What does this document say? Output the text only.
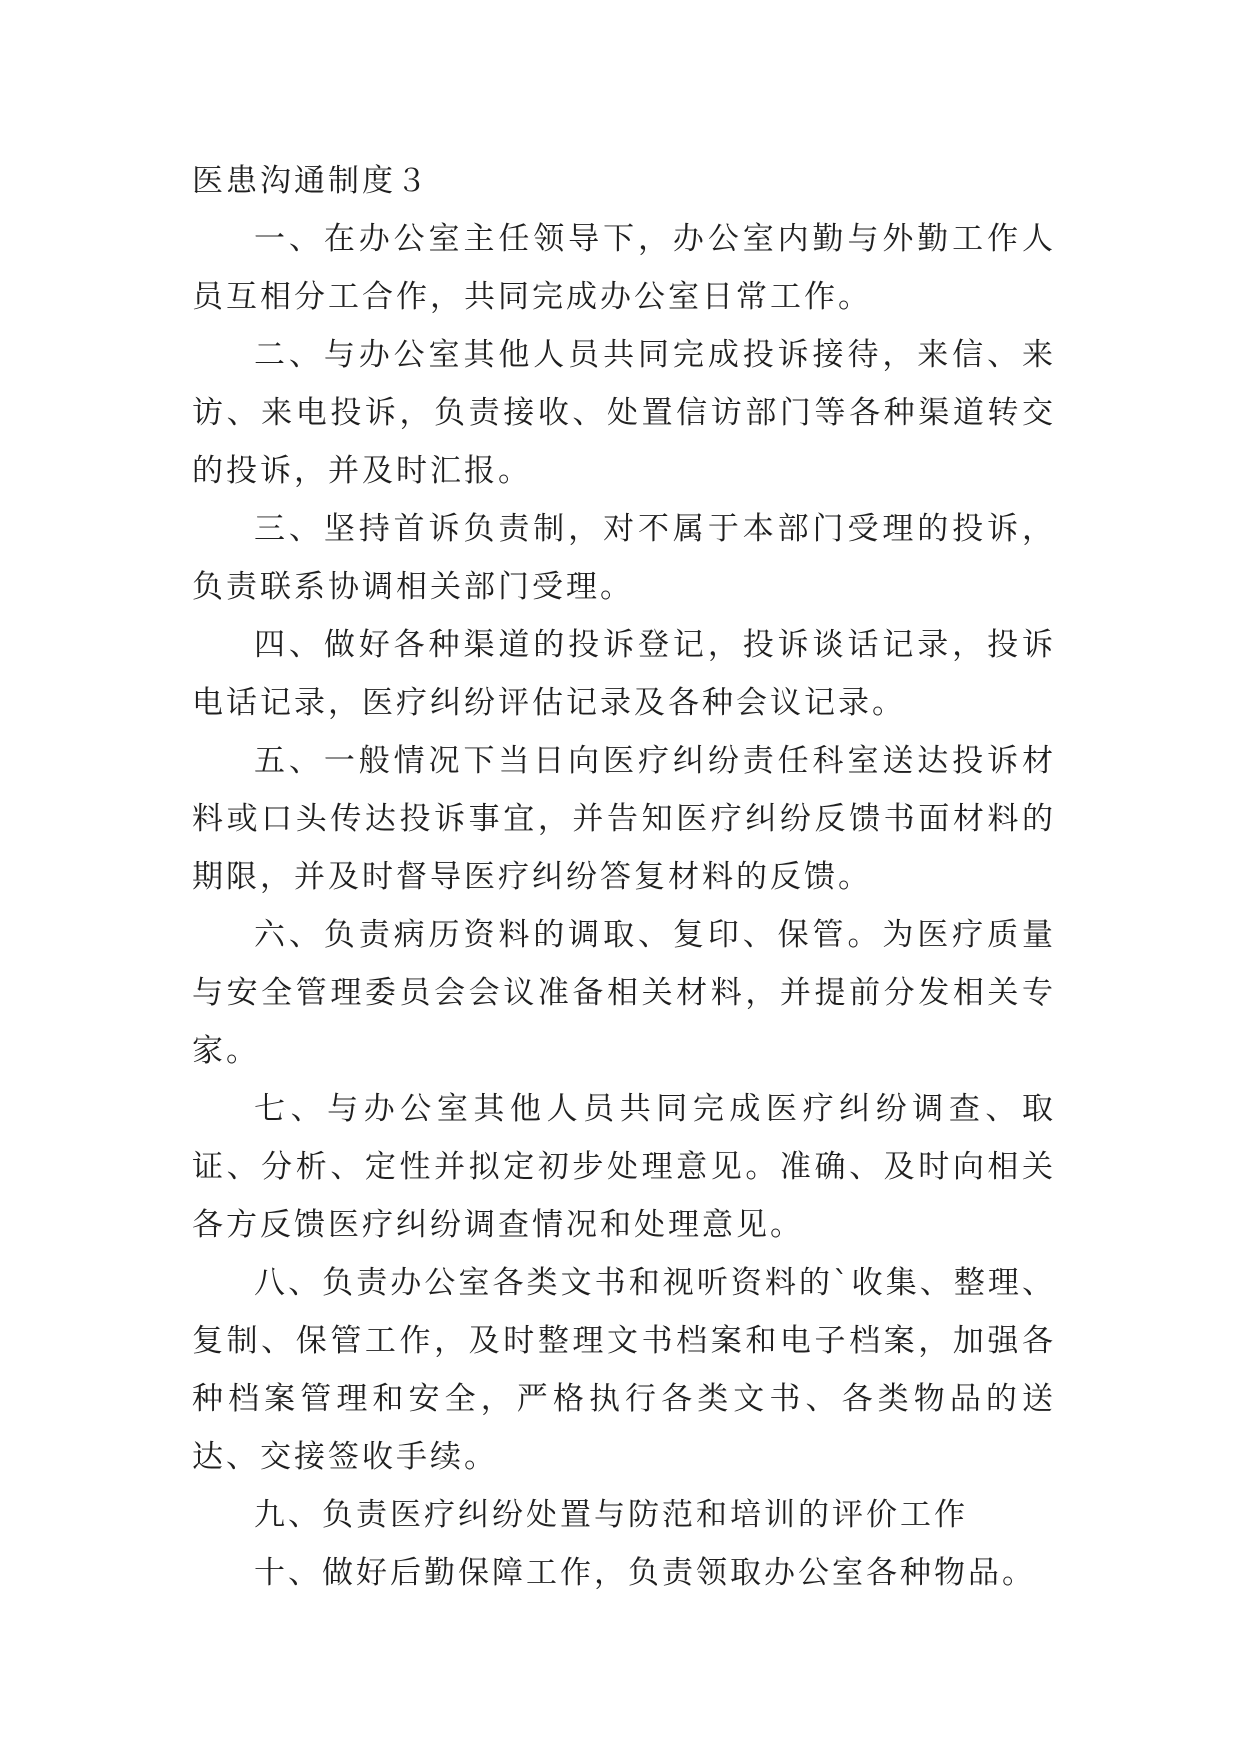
医患沟通制度３

一、在办公室主任领导下，办公室内勤与外勤工作人员互相分工合作，共同完成办公室日常工作。

二、与办公室其他人员共同完成投诉接待，来信、来访、来电投诉，负责接收、处置信访部门等各种渠道转交的投诉，并及时汇报。

三、坚持首诉负责制，对不属于本部门受理的投诉，负责联系协调相关部门受理。

四、做好各种渠道的投诉登记，投诉谈话记录，投诉电话记录，医疗纠纷评估记录及各种会议记录。

五、一般情况下当日向医疗纠纷责任科室送达投诉材料或口头传达投诉事宜，并告知医疗纠纷反馈书面材料的期限，并及时督导医疗纠纷答复材料的反馈。

六、负责病历资料的调取、复印、保管。为医疗质量与安全管理委员会会议准备相关材料，并提前分发相关专家。

七、与办公室其他人员共同完成医疗纠纷调查、取证、分析、定性并拟定初步处理意见。准确、及时向相关各方反馈医疗纠纷调查情况和处理意见。

八、负责办公室各类文书和视听资料的`收集、整理、复制、保管工作，及时整理文书档案和电子档案，加强各种档案管理和安全，严格执行各类文书、各类物品的送达、交接签收手续。

九、负责医疗纠纷处置与防范和培训的评价工作

十、做好后勤保障工作，负责领取办公室各种物品。
